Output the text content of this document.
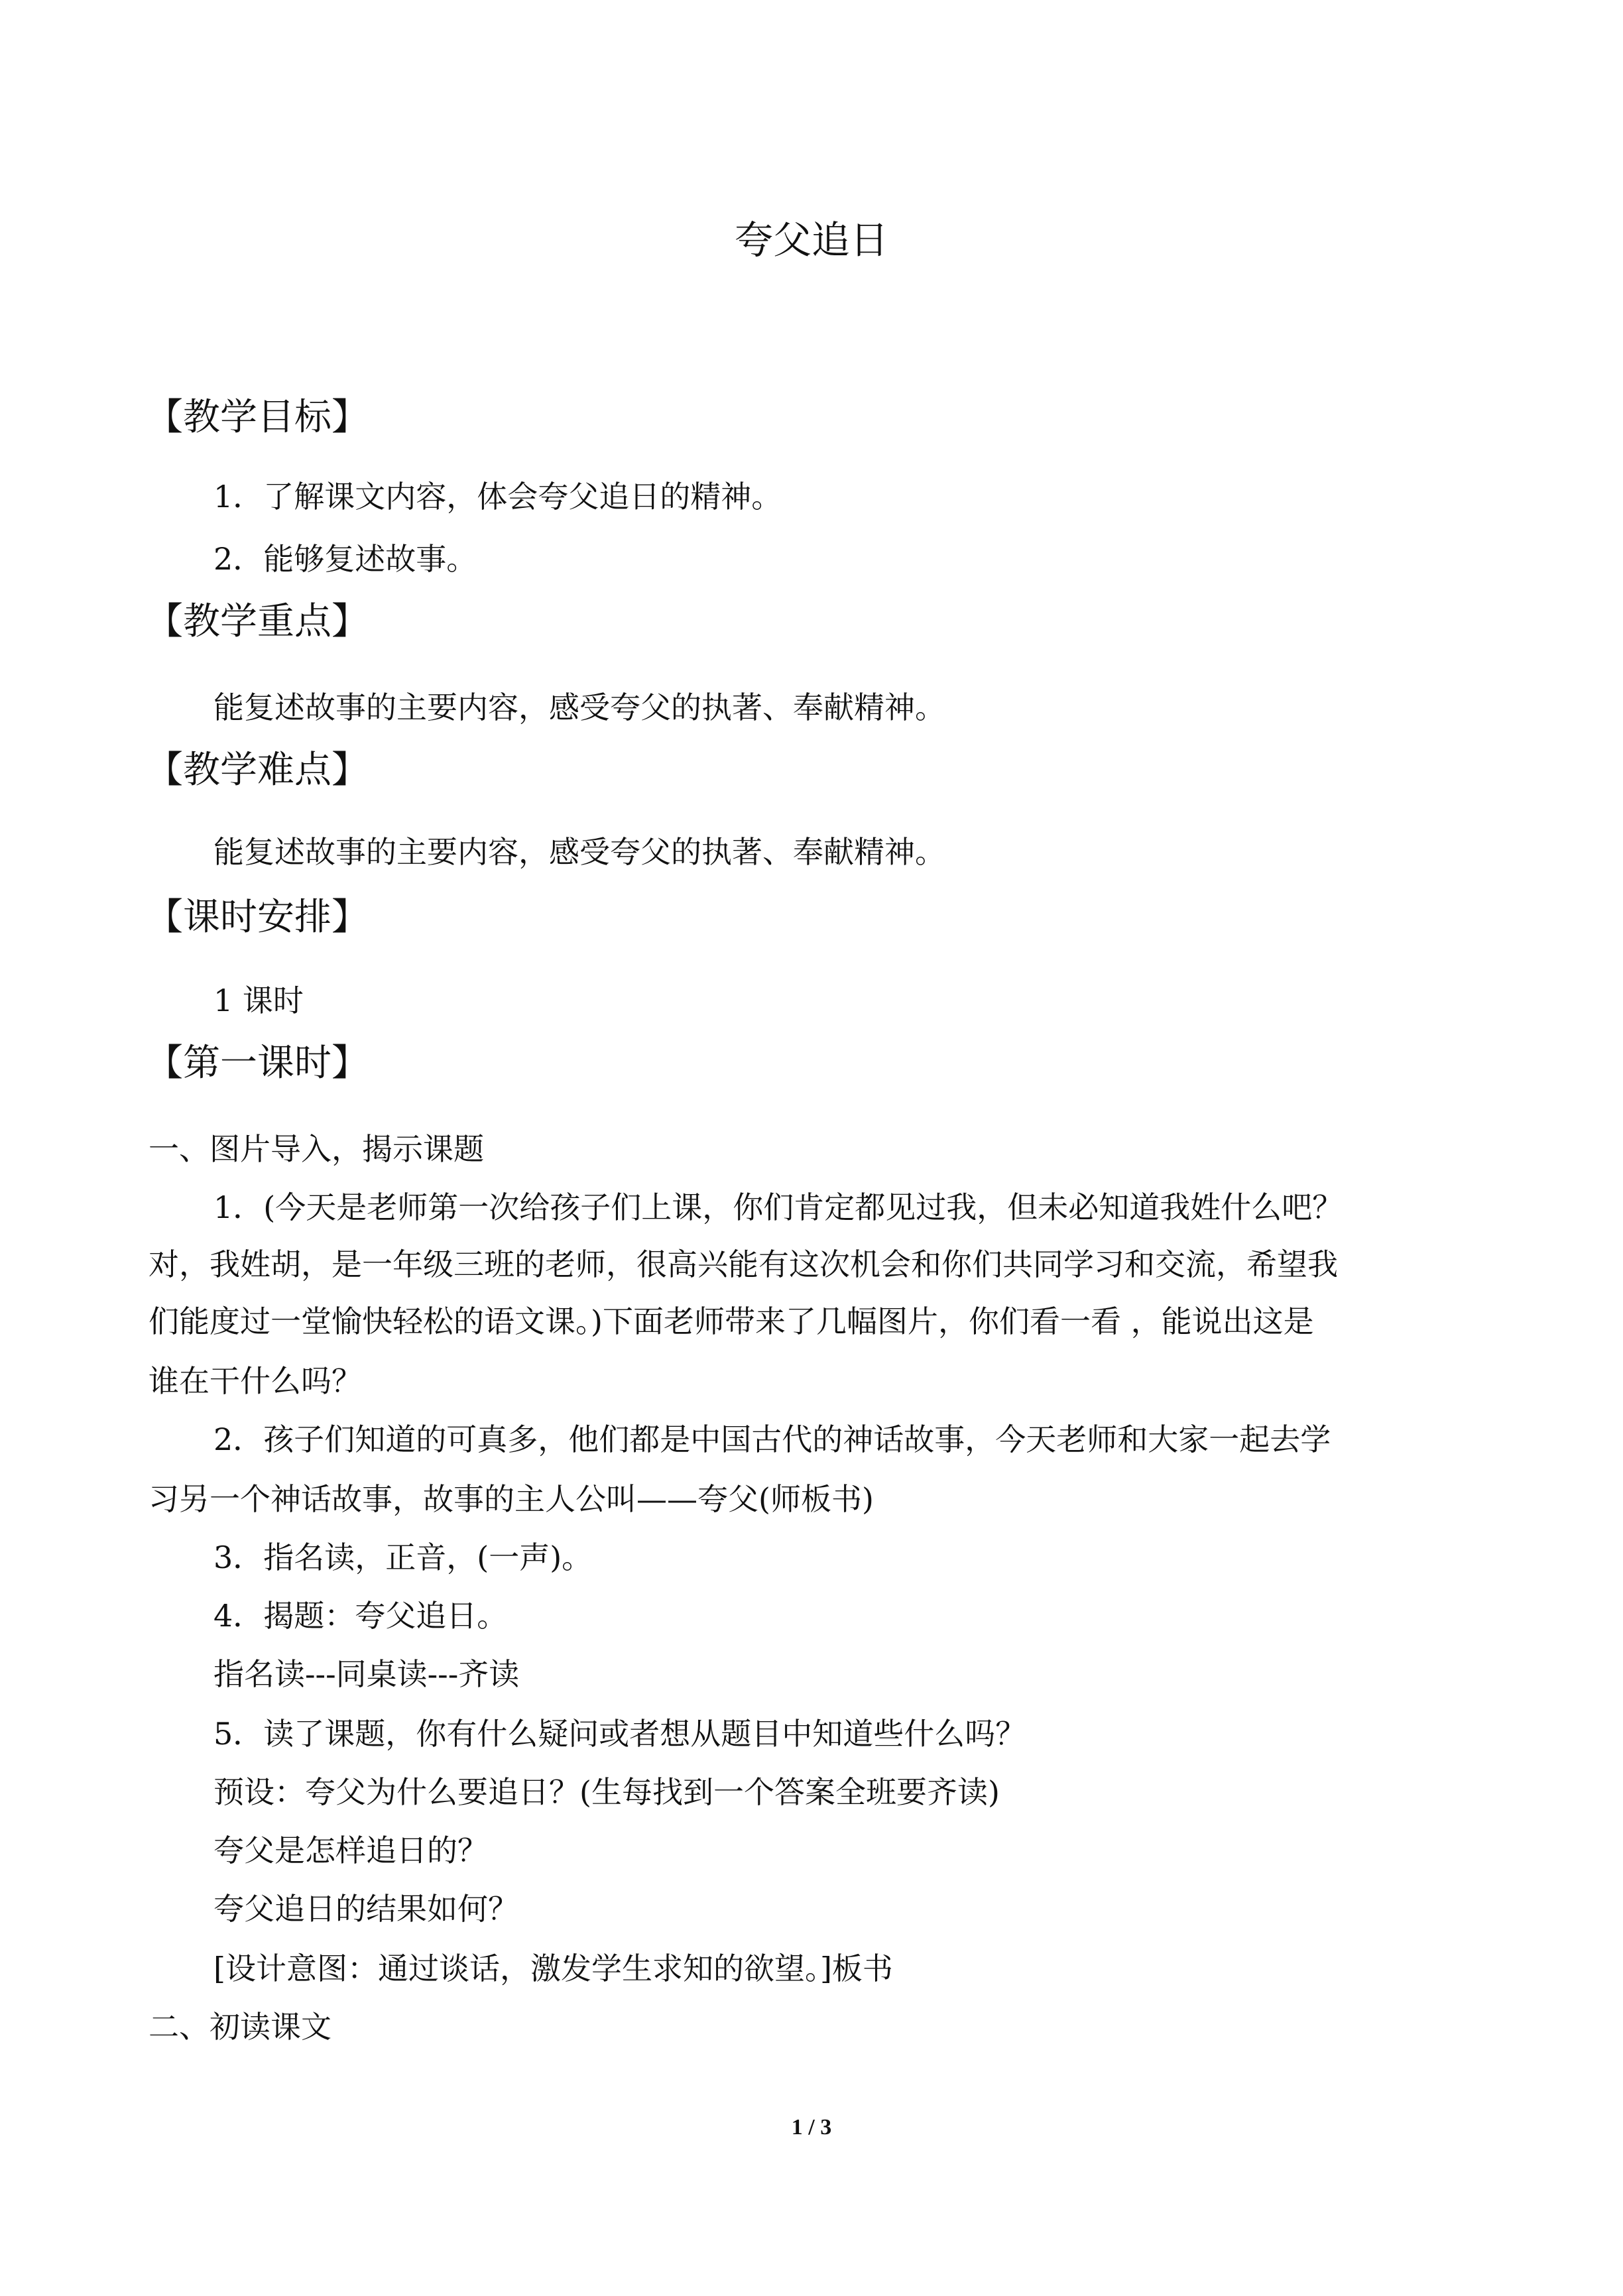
夸父追日
【教学目标】

1．了解课文内容，体会夸父追日的精神。

2．能够复述故事。

【教学重点】

能复述故事的主要内容，感受夸父的执著、奉献精神。

【教学难点】

能复述故事的主要内容，感受夸父的执著、奉献精神。

【课时安排】

1 课时

【第一课时】

一、图片导入，揭示课题

1．(今天是老师第一次给孩子们上课，你们肯定都见过我，但未必知道我姓什么吧？

对，我姓胡，是一年级三班的老师，很高兴能有这次机会和你们共同学习和交流，希望我

们能度过一堂愉快轻松的语文课。)下面老师带来了几幅图片，你们看一看 ，能说出这是

谁在干什么吗？

2．孩子们知道的可真多，他们都是中国古代的神话故事，今天老师和大家一起去学

习另一个神话故事，故事的主人公叫——夸父(师板书)

3．指名读，正音，(一声)。

4．揭题：夸父追日。

指名读---同桌读---齐读

5．读了课题，你有什么疑问或者想从题目中知道些什么吗？

预设：夸父为什么要追日？(生每找到一个答案全班要齐读)

夸父是怎样追日的？

夸父追日的结果如何？

[设计意图：通过谈话，激发学生求知的欲望。]板书

二、初读课文

1 / 3
